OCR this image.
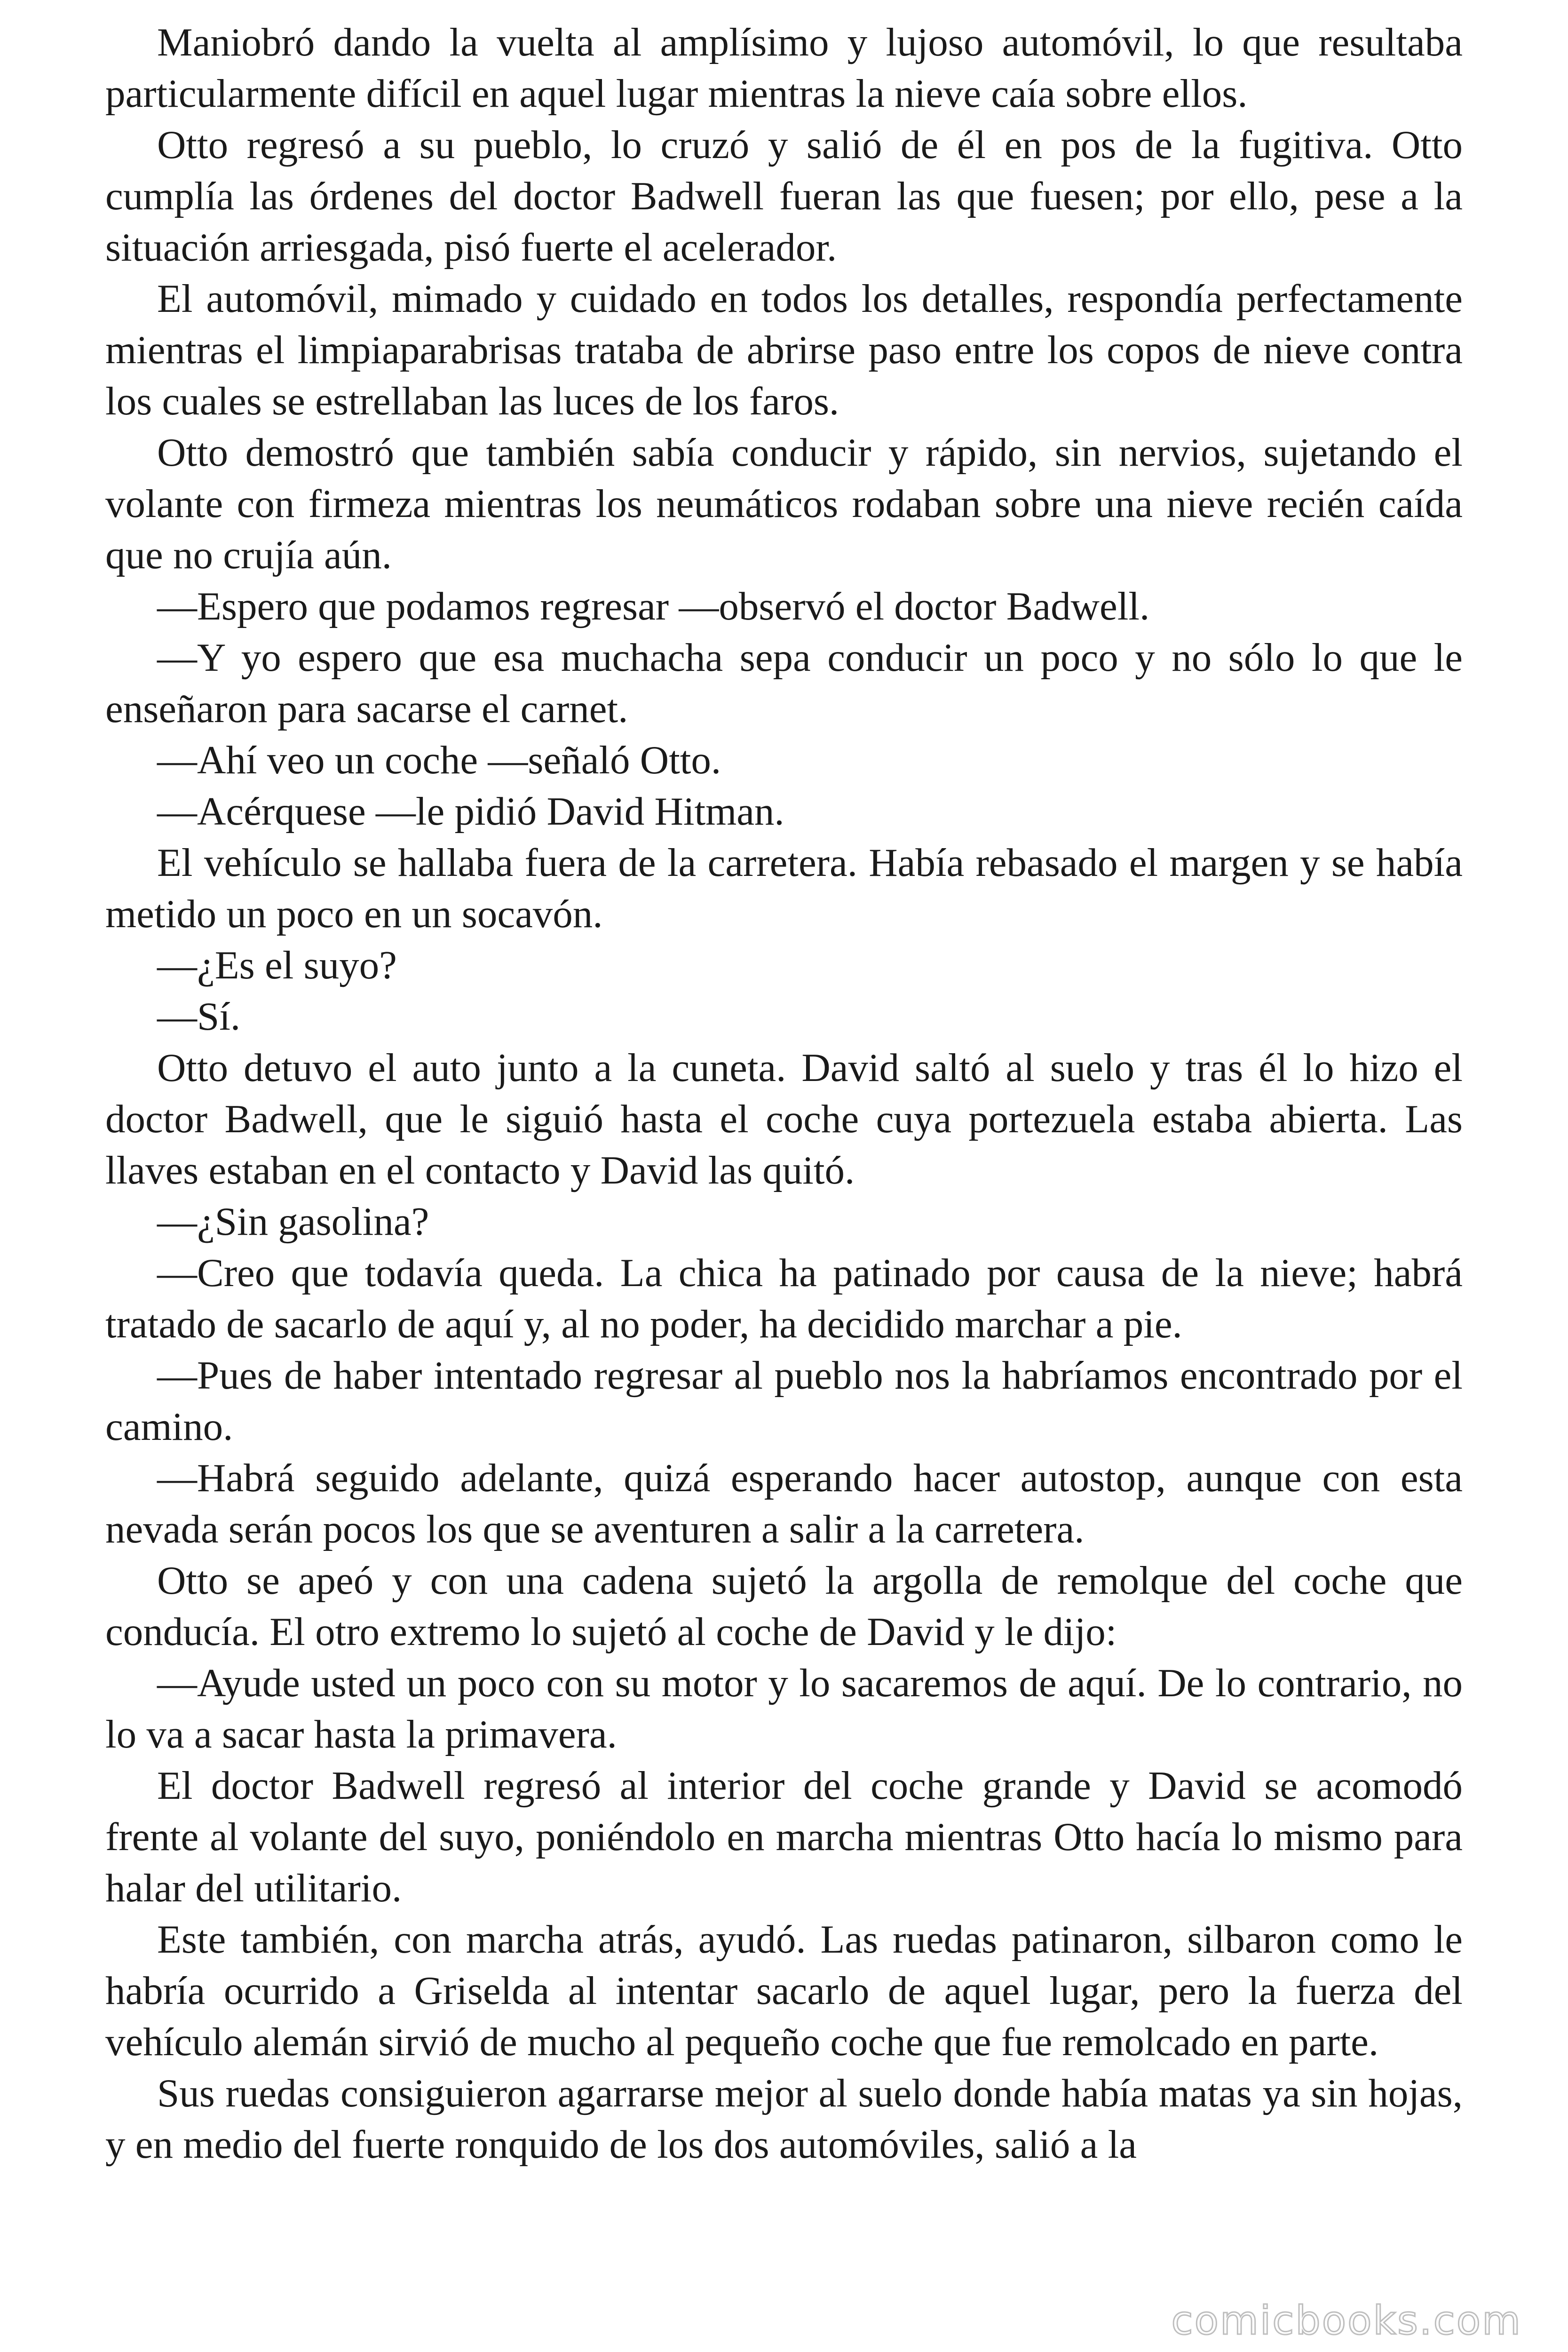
Maniobró dando la vuelta al amplísimo y lujoso automóvil, lo que resultaba particularmente difícil en aquel lugar mientras la nieve caía sobre ellos.

Otto regresó a su pueblo, lo cruzó y salió de él en pos de la fugitiva. Otto cumplía las órdenes del doctor Badwell fueran las que fuesen; por ello, pese a la situación arriesgada, pisó fuerte el acelerador.

El automóvil, mimado y cuidado en todos los detalles, respondía perfectamente mientras el limpiaparabrisas trataba de abrirse paso entre los copos de nieve contra los cuales se estrellaban las luces de los faros.

Otto demostró que también sabía conducir y rápido, sin nervios, sujetando el volante con firmeza mientras los neumáticos rodaban sobre una nieve recién caída que no crujía aún.

—Espero que podamos regresar —observó el doctor Badwell.

—Y yo espero que esa muchacha sepa conducir un poco y no sólo lo que le enseñaron para sacarse el carnet.

—Ahí veo un coche —señaló Otto.

—Acérquese —le pidió David Hitman.

El vehículo se hallaba fuera de la carretera. Había rebasado el margen y se había metido un poco en un socavón.

—¿Es el suyo?

—Sí.

Otto detuvo el auto junto a la cuneta. David saltó al suelo y tras él lo hizo el doctor Badwell, que le siguió hasta el coche cuya portezuela estaba abierta. Las llaves estaban en el contacto y David las quitó.

—¿Sin gasolina?

—Creo que todavía queda. La chica ha patinado por causa de la nieve; habrá tratado de sacarlo de aquí y, al no poder, ha decidido marchar a pie.

—Pues de haber intentado regresar al pueblo nos la habríamos encontrado por el camino.

—Habrá seguido adelante, quizá esperando hacer autostop, aunque con esta nevada serán pocos los que se aventuren a salir a la carretera.

Otto se apeó y con una cadena sujetó la argolla de remolque del coche que conducía. El otro extremo lo sujetó al coche de David y le dijo:

—Ayude usted un poco con su motor y lo sacaremos de aquí. De lo contrario, no lo va a sacar hasta la primavera.

El doctor Badwell regresó al interior del coche grande y David se acomodó frente al volante del suyo, poniéndolo en marcha mientras Otto hacía lo mismo para halar del utilitario.

Este también, con marcha atrás, ayudó. Las ruedas patinaron, silbaron como le habría ocurrido a Griselda al intentar sacarlo de aquel lugar, pero la fuerza del vehículo alemán sirvió de mucho al pequeño coche que fue remolcado en parte.

Sus ruedas consiguieron agarrarse mejor al suelo donde había matas ya sin hojas, y en medio del fuerte ronquido de los dos automóviles, salió a la

comicbooks.com
